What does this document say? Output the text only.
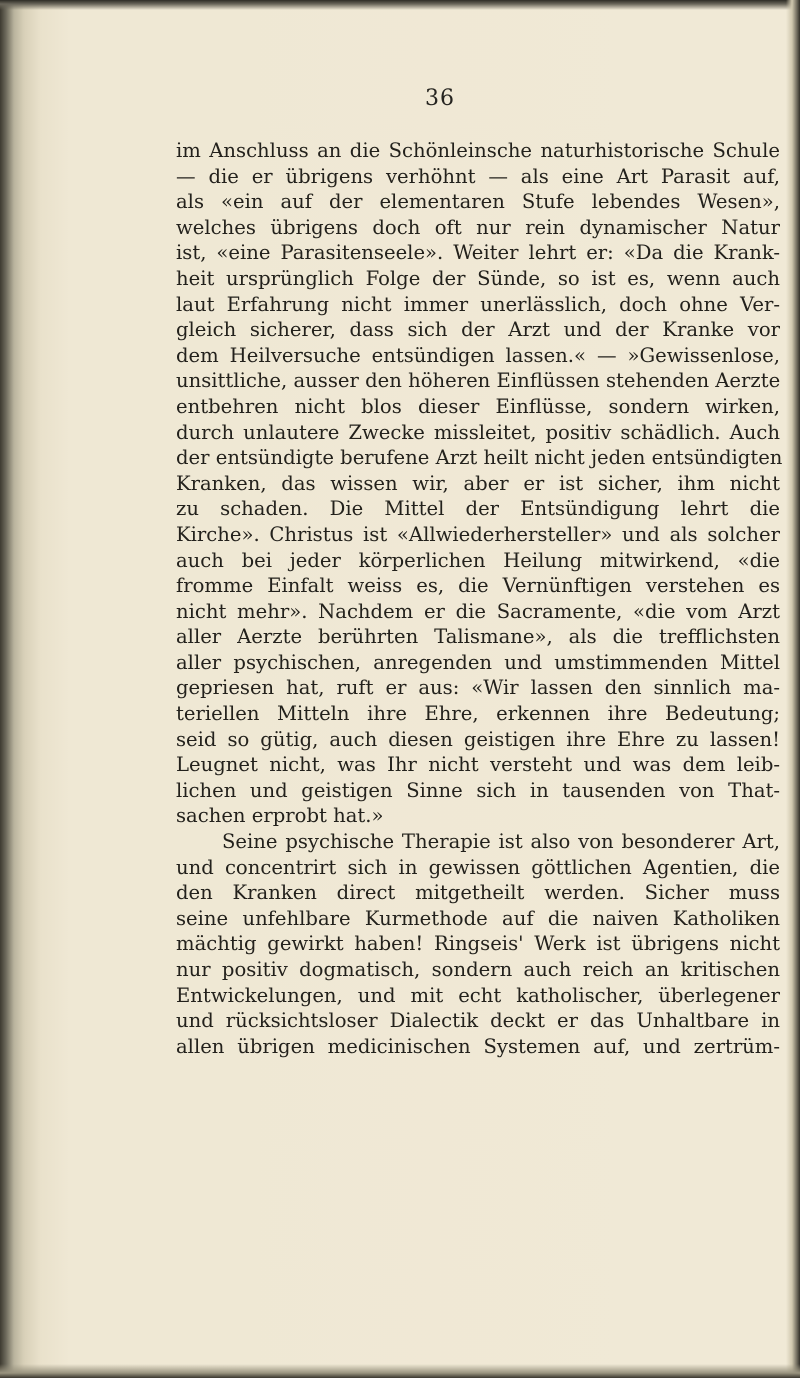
36
im Anschluss an die Schönleinsche naturhistorische Schule
— die er übrigens verhöhnt — als eine Art Parasit auf,
als «ein auf der elementaren Stufe lebendes Wesen»,
welches übrigens doch oft nur rein dynamischer Natur
ist, «eine Parasitenseele». Weiter lehrt er: «Da die Krank-
heit ursprünglich Folge der Sünde, so ist es, wenn auch
laut Erfahrung nicht immer unerlässlich, doch ohne Ver-
gleich sicherer, dass sich der Arzt und der Kranke vor
dem Heilversuche entsündigen lassen.« — »Gewissenlose,
unsittliche, ausser den höheren Einflüssen stehenden Aerzte
entbehren nicht blos dieser Einflüsse, sondern wirken,
durch unlautere Zwecke missleitet, positiv schädlich. Auch
der entsündigte berufene Arzt heilt nicht jeden entsündigten
Kranken, das wissen wir, aber er ist sicher, ihm nicht
zu schaden. Die Mittel der Entsündigung lehrt die
Kirche». Christus ist «Allwiederhersteller» und als solcher
auch bei jeder körperlichen Heilung mitwirkend, «die
fromme Einfalt weiss es, die Vernünftigen verstehen es
nicht mehr». Nachdem er die Sacramente, «die vom Arzt
aller Aerzte berührten Talismane», als die trefflichsten
aller psychischen, anregenden und umstimmenden Mittel
gepriesen hat, ruft er aus: «Wir lassen den sinnlich ma-
teriellen Mitteln ihre Ehre, erkennen ihre Bedeutung;
seid so gütig, auch diesen geistigen ihre Ehre zu lassen!
Leugnet nicht, was Ihr nicht versteht und was dem leib-
lichen und geistigen Sinne sich in tausenden von That-
sachen erprobt hat.»
Seine psychische Therapie ist also von besonderer Art,
und concentrirt sich in gewissen göttlichen Agentien, die
den Kranken direct mitgetheilt werden. Sicher muss
seine unfehlbare Kurmethode auf die naiven Katholiken
mächtig gewirkt haben! Ringseis' Werk ist übrigens nicht
nur positiv dogmatisch, sondern auch reich an kritischen
Entwickelungen, und mit echt katholischer, überlegener
und rücksichtsloser Dialectik deckt er das Unhaltbare in
allen übrigen medicinischen Systemen auf, und zertrüm-
